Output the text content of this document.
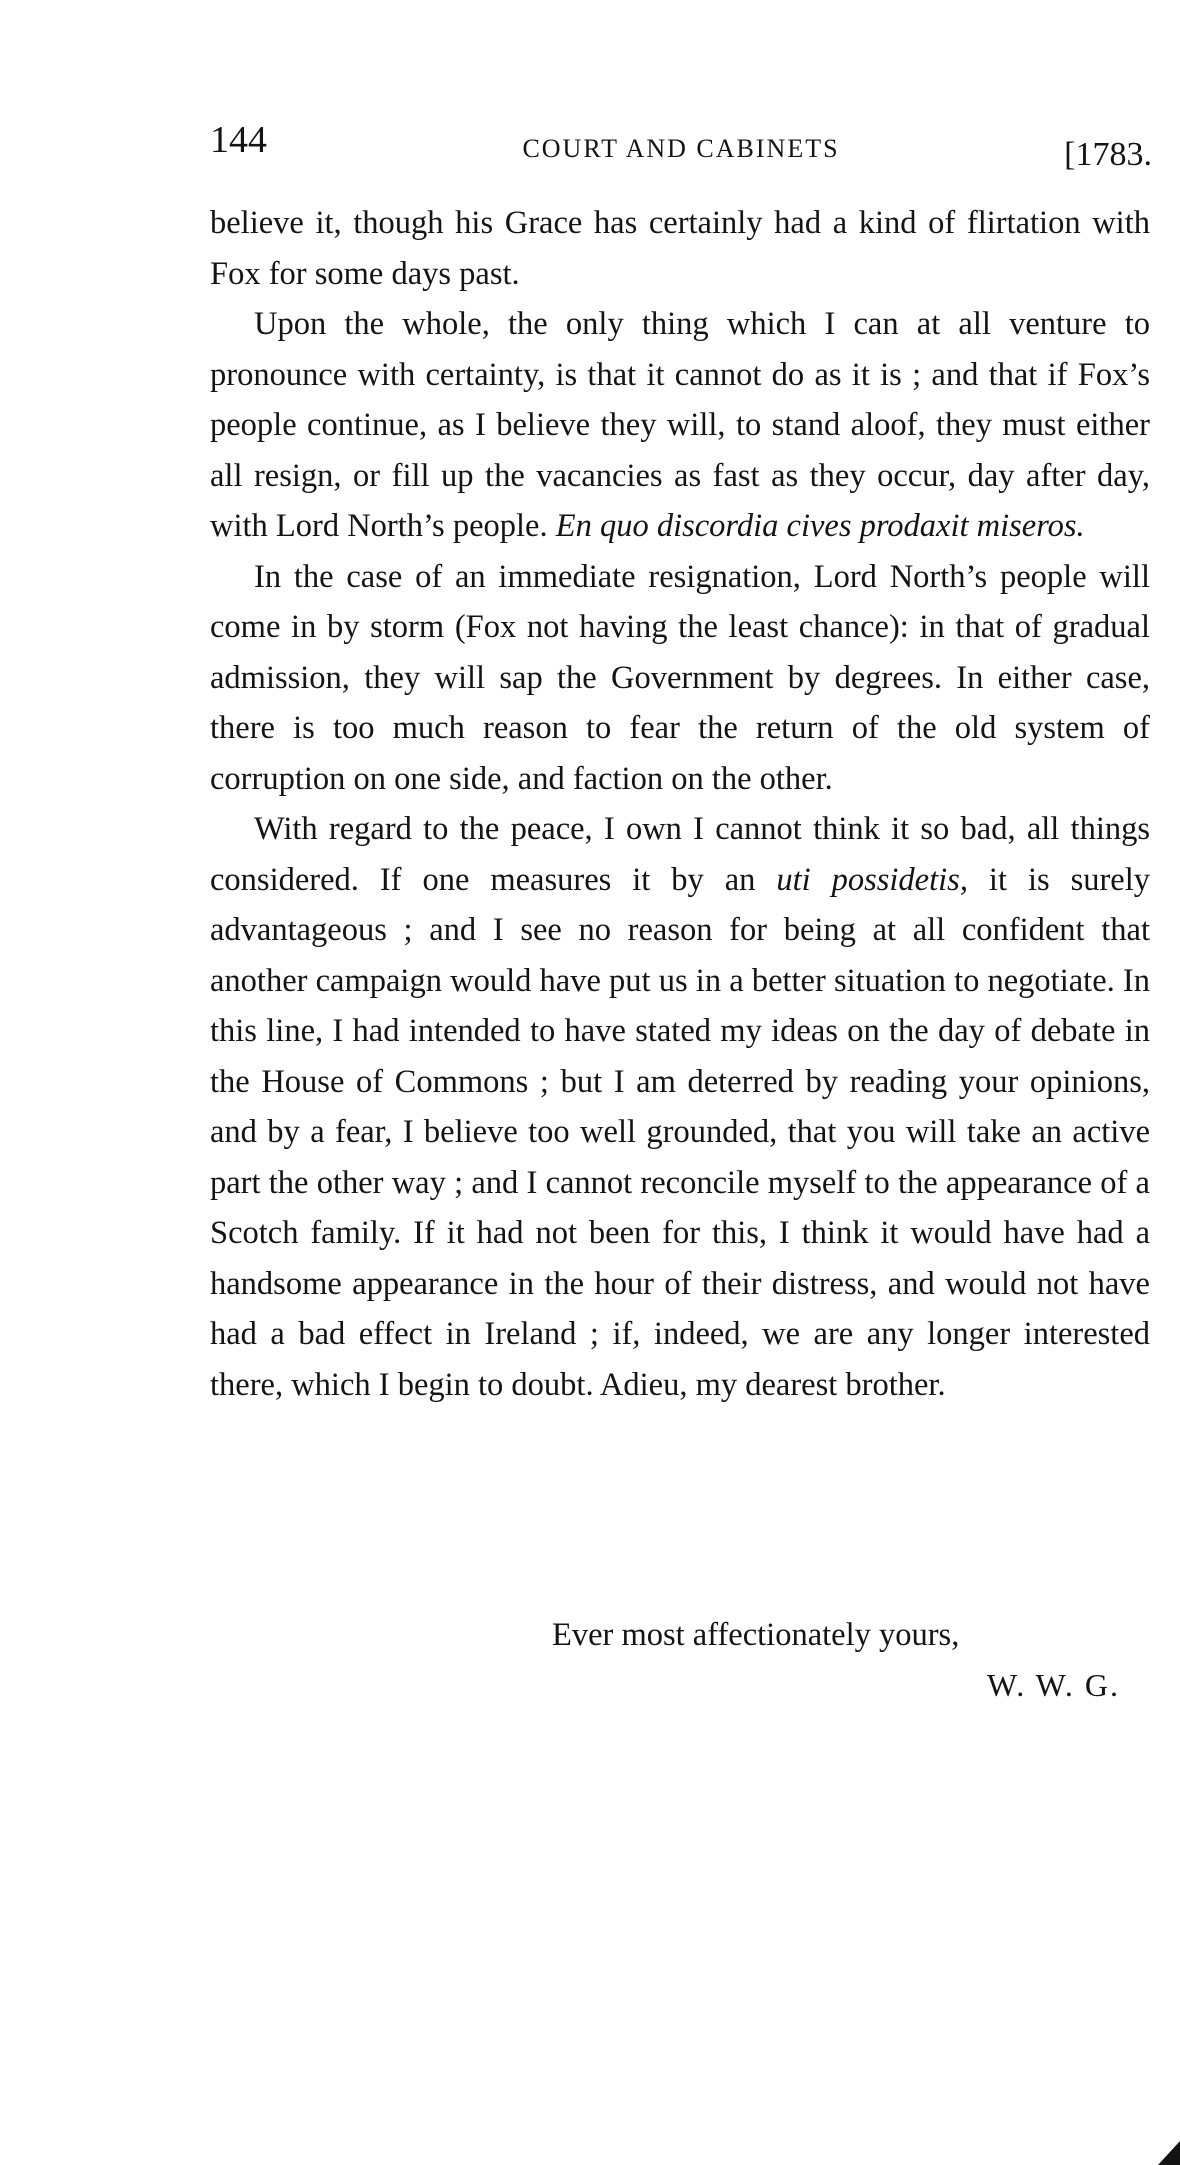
144	COURT AND CABINETS	[1783.

believe it, though his Grace has certainly had a kind of flirtation with Fox for some days past.

Upon the whole, the only thing which I can at all venture to pronounce with certainty, is that it cannot do as it is ; and that if Fox’s people continue, as I believe they will, to stand aloof, they must either all resign, or fill up the vacancies as fast as they occur, day after day, with Lord North’s people. En quo discordia cives prodaxit miseros.

In the case of an immediate resignation, Lord North’s people will come in by storm (Fox not having the least chance): in that of gradual admission, they will sap the Government by degrees. In either case, there is too much reason to fear the return of the old system of corruption on one side, and faction on the other.

With regard to the peace, I own I cannot think it so bad, all things considered. If one measures it by an uti possidetis, it is surely advantageous ; and I see no reason for being at all confident that another campaign would have put us in a better situation to negotiate. In this line, I had intended to have stated my ideas on the day of debate in the House of Commons ; but I am deterred by reading your opinions, and by a fear, I believe too well grounded, that you will take an active part the other way ; and I cannot reconcile myself to the appearance of a Scotch family. If it had not been for this, I think it would have had a handsome appearance in the hour of their distress, and would not have had a bad effect in Ireland ; if, indeed, we are any longer interested there, which I begin to doubt. Adieu, my dearest brother.

Ever most affectionately yours,
W. W. G.
